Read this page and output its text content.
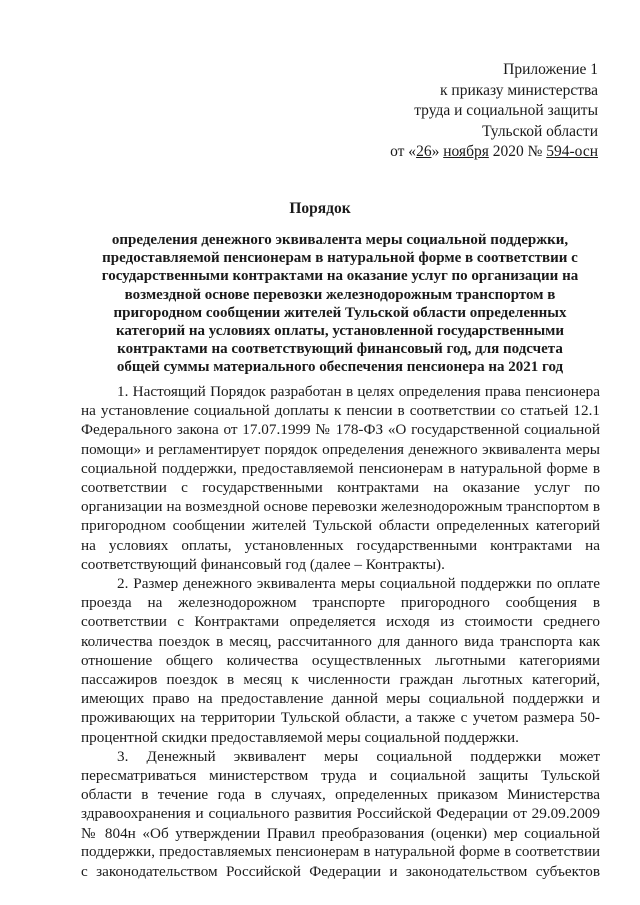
Приложение 1
к приказу министерства
труда и социальной защиты
Тульской области
от «26» ноября 2020 № 594-осн
Порядок
определения денежного эквивалента меры социальной поддержки,
предоставляемой пенсионерам в натуральной форме в соответствии с
государственными контрактами на оказание услуг по организации на
возмездной основе перевозки железнодорожным транспортом в
пригородном сообщении жителей Тульской области определенных
категорий на условиях оплаты, установленной государственными
контрактами на соответствующий финансовый год, для подсчета
общей суммы материального обеспечения пенсионера на 2021 год
1. Настоящий Порядок разработан в целях определения права пенсионера
на установление социальной доплаты к пенсии в соответствии со статьей 12.1
Федерального закона от 17.07.1999 № 178-ФЗ «О государственной социальной
помощи» и регламентирует порядок определения денежного эквивалента меры
социальной поддержки, предоставляемой пенсионерам в натуральной форме в
соответствии с государственными контрактами на оказание услуг по
организации на возмездной основе перевозки железнодорожным транспортом в
пригородном сообщении жителей Тульской области определенных категорий
на условиях оплаты, установленных государственными контрактами на
соответствующий финансовый год (далее – Контракты).
2. Размер денежного эквивалента меры социальной поддержки по оплате
проезда на железнодорожном транспорте пригородного сообщения в
соответствии с Контрактами определяется исходя из стоимости среднего
количества поездок в месяц, рассчитанного для данного вида транспорта как
отношение общего количества осуществленных льготными категориями
пассажиров поездок в месяц к численности граждан льготных категорий,
имеющих право на предоставление данной меры социальной поддержки и
проживающих на территории Тульской области, а также с учетом размера 50-
процентной скидки предоставляемой меры социальной поддержки.
3. Денежный эквивалент меры социальной поддержки может
пересматриваться министерством труда и социальной защиты Тульской
области в течение года в случаях, определенных приказом Министерства
здравоохранения и социального развития Российской Федерации от 29.09.2009
№ 804н «Об утверждении Правил преобразования (оценки) мер социальной
поддержки, предоставляемых пенсионерам в натуральной форме в соответствии
с законодательством Российской Федерации и законодательством субъектов
